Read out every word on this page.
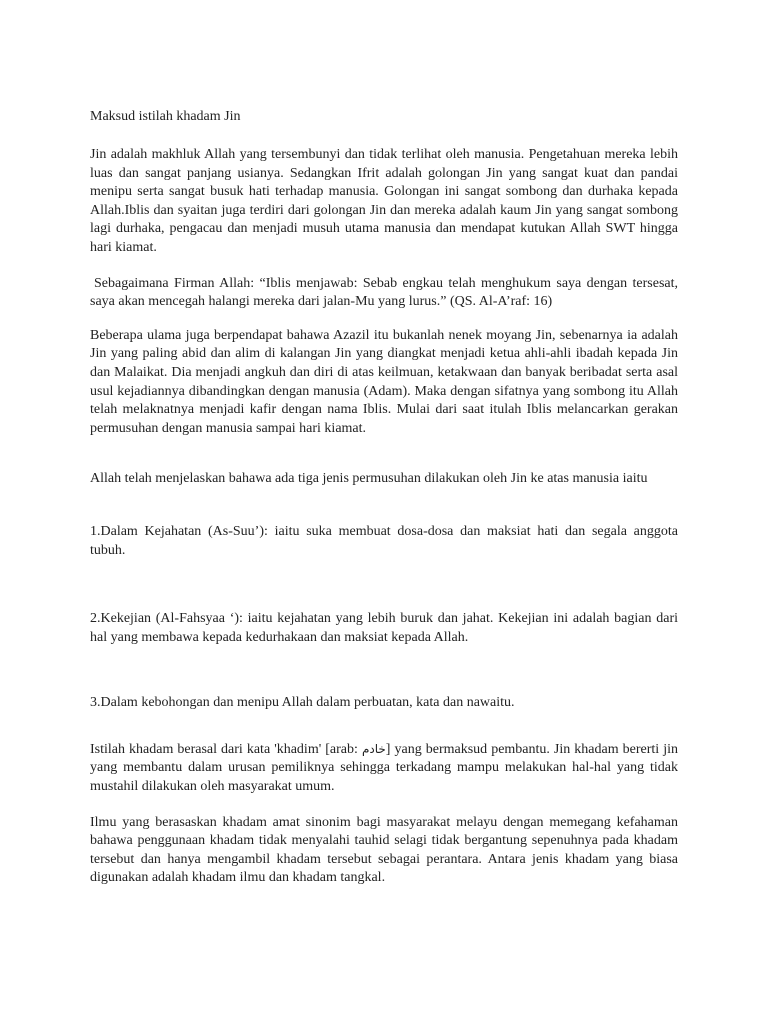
Maksud istilah khadam Jin

Jin adalah makhluk Allah yang tersembunyi dan tidak terlihat oleh manusia. Pengetahuan mereka lebih luas dan sangat panjang usianya. Sedangkan Ifrit adalah golongan Jin yang sangat kuat dan pandai menipu serta sangat busuk hati terhadap manusia. Golongan ini sangat sombong dan durhaka kepada Allah.Iblis dan syaitan juga terdiri dari golongan Jin dan mereka adalah kaum Jin yang sangat sombong lagi durhaka, pengacau dan menjadi musuh utama manusia dan mendapat kutukan Allah SWT hingga hari kiamat.

Sebagaimana Firman Allah: “Iblis menjawab: Sebab engkau telah menghukum saya dengan tersesat, saya akan mencegah halangi mereka dari jalan-Mu yang lurus.” (QS. Al-A’raf: 16)

Beberapa ulama juga berpendapat bahawa Azazil itu bukanlah nenek moyang Jin, sebenarnya ia adalah Jin yang paling abid dan alim di kalangan Jin yang diangkat menjadi ketua ahli-ahli ibadah kepada Jin dan Malaikat. Dia menjadi angkuh dan diri di atas keilmuan, ketakwaan dan banyak beribadat serta asal usul kejadiannya dibandingkan dengan manusia (Adam). Maka dengan sifatnya yang sombong itu Allah telah melaknatnya menjadi kafir dengan nama Iblis. Mulai dari saat itulah Iblis melancarkan gerakan permusuhan dengan manusia sampai hari kiamat.

Allah telah menjelaskan bahawa ada tiga jenis permusuhan dilakukan oleh Jin ke atas manusia iaitu

1.Dalam Kejahatan (As-Suu’): iaitu suka membuat dosa-dosa dan maksiat hati dan segala anggota tubuh.

2.Kekejian (Al-Fahsyaa ‘): iaitu kejahatan yang lebih buruk dan jahat. Kekejian ini adalah bagian dari hal yang membawa kepada kedurhakaan dan maksiat kepada Allah.

3.Dalam kebohongan dan menipu Allah dalam perbuatan, kata dan nawaitu.

Istilah khadam berasal dari kata 'khadim' [arab: خادم] yang bermaksud pembantu. Jin khadam bererti jin yang membantu dalam urusan pemiliknya sehingga terkadang mampu melakukan hal-hal yang tidak mustahil dilakukan oleh masyarakat umum.

Ilmu yang berasaskan khadam amat sinonim bagi masyarakat melayu dengan memegang kefahaman bahawa penggunaan khadam tidak menyalahi tauhid selagi tidak bergantung sepenuhnya pada khadam tersebut dan hanya mengambil khadam tersebut sebagai perantara. Antara jenis khadam yang biasa digunakan adalah khadam ilmu dan khadam tangkal.
